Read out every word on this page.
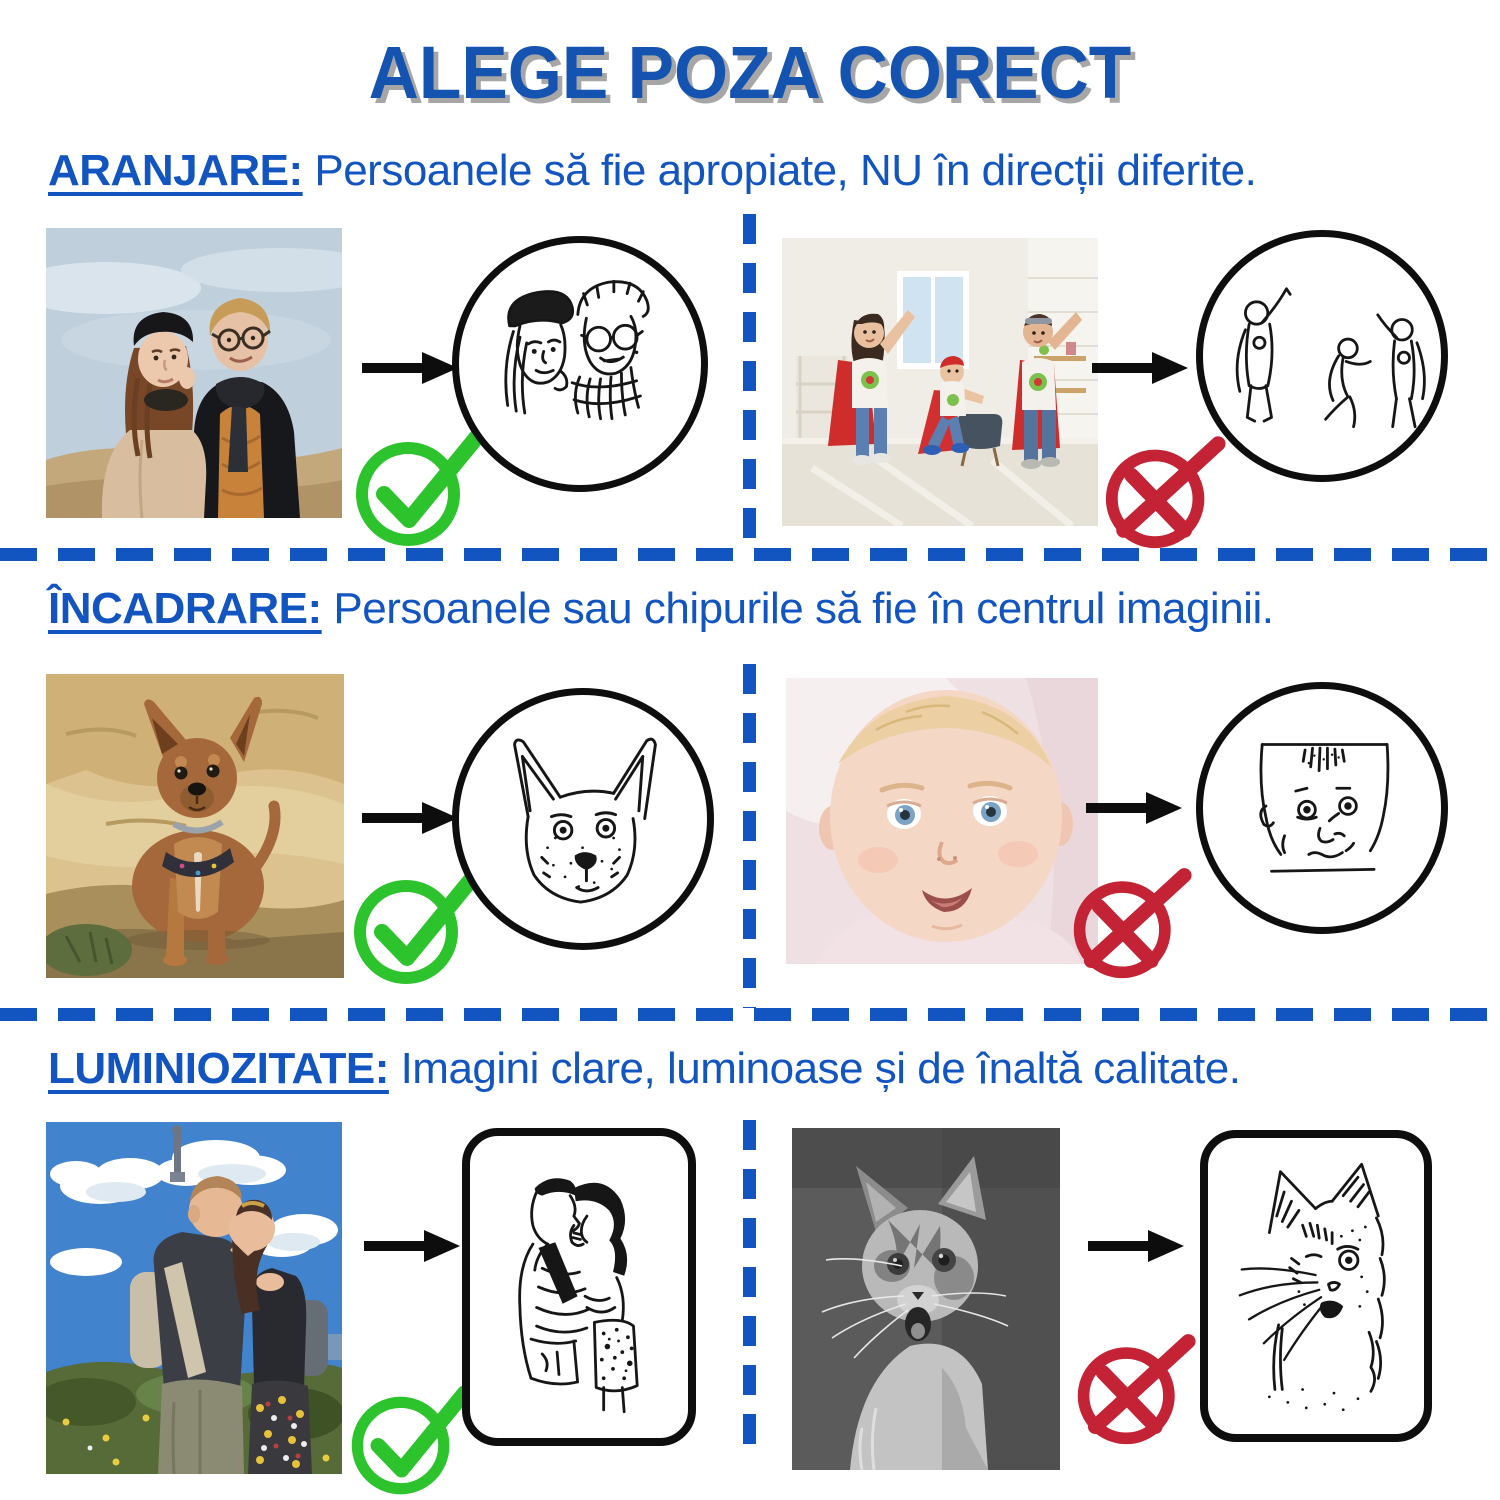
ALEGE POZA CORECT
ARANJARE: Persoanele să fie apropiate, NU în direcții diferite.
ÎNCADRARE: Persoanele sau chipurile să fie în centrul imaginii.
LUMINIOZITATE: Imagini clare, luminoase și de înaltă calitate.
